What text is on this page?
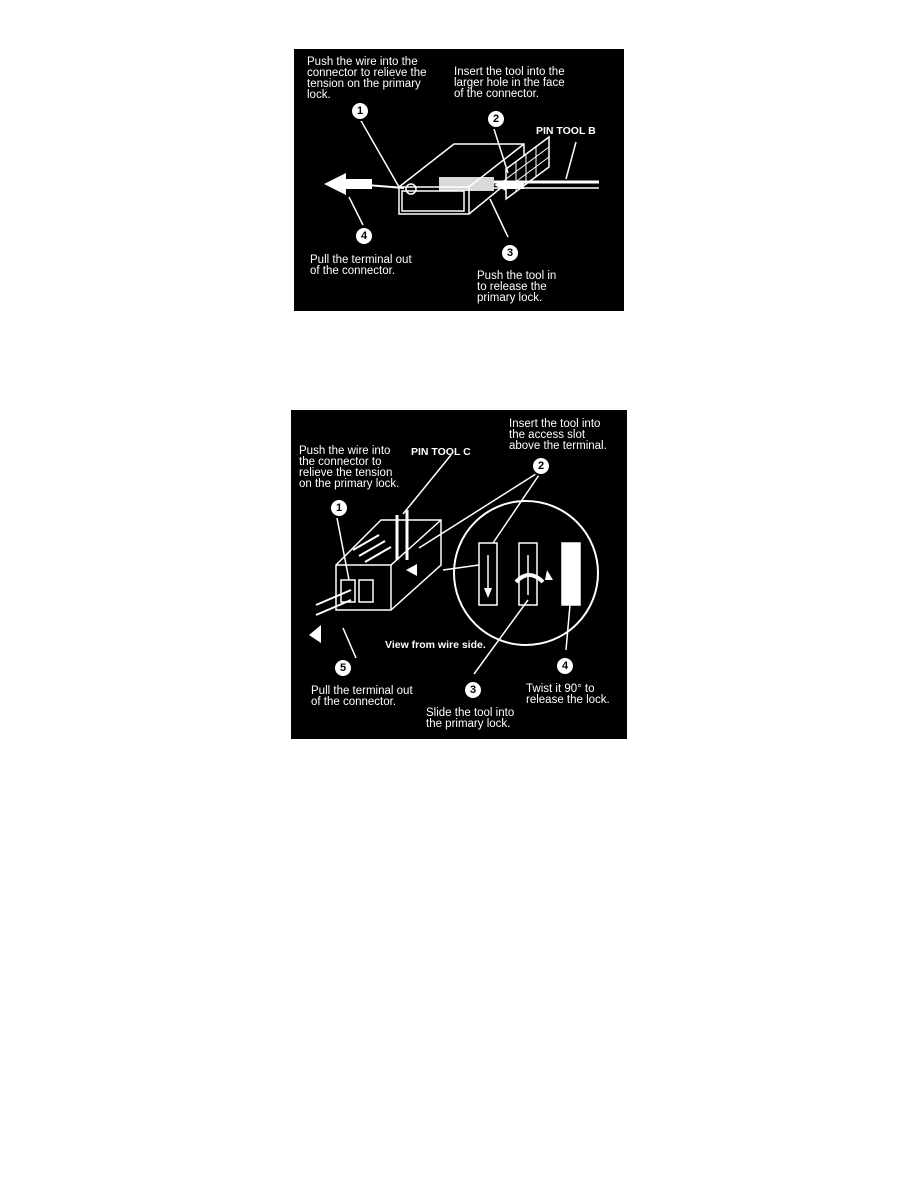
Push the wire into the
connector to relieve the
tension on the primary
lock.
Insert the tool into the
larger hole in the face
of the connector.
Push the tool in
to release the
primary lock.
Pull the terminal out
of the connector.
PIN TOOL B
1
2
3
4
Push the wire into
the connector to
relieve the tension
on the primary lock.
Insert the tool into
the access slot
above the terminal.
Slide the tool into
the primary lock.
Twist it 90° to
release the lock.
Pull the terminal out
of the connector.
PIN TOOL C
View from wire side.
1
2
3
4
5
